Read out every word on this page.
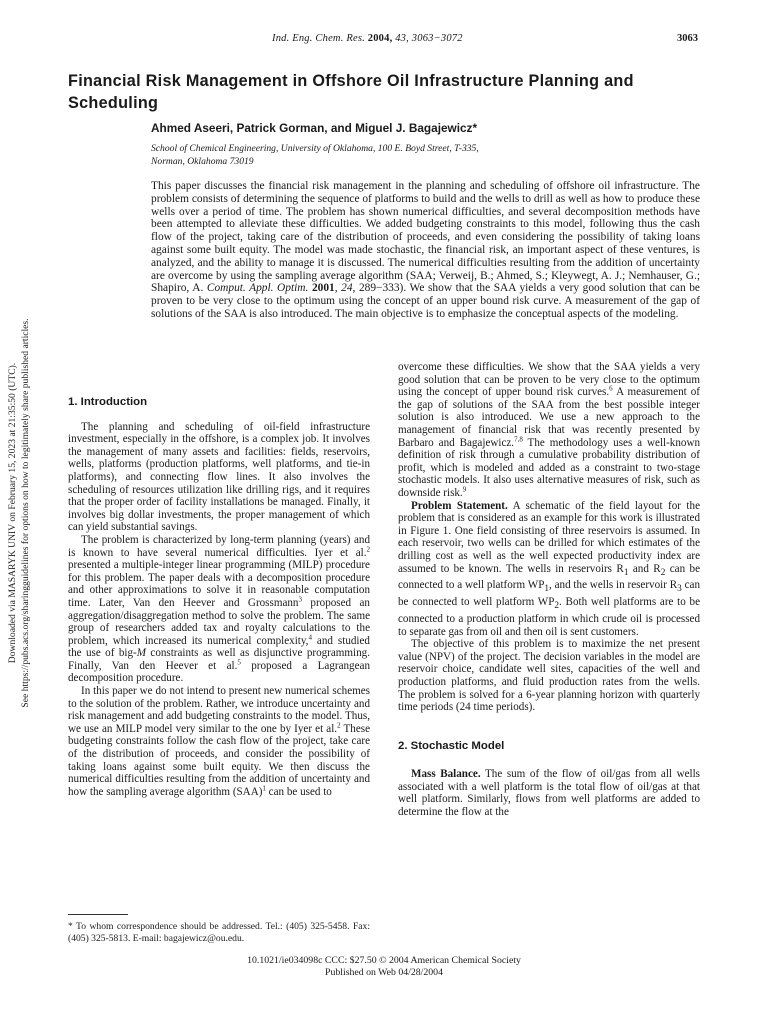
Ind. Eng. Chem. Res. 2004, 43, 3063−3072	3063
Financial Risk Management in Offshore Oil Infrastructure Planning and Scheduling
Ahmed Aseeri, Patrick Gorman, and Miguel J. Bagajewicz*
School of Chemical Engineering, University of Oklahoma, 100 E. Boyd Street, T-335,
Norman, Oklahoma 73019

This paper discusses the financial risk management in the planning and scheduling of offshore oil infrastructure. The problem consists of determining the sequence of platforms to build and the wells to drill as well as how to produce these wells over a period of time. The problem has shown numerical difficulties, and several decomposition methods have been attempted to alleviate these difficulties. We added budgeting constraints to this model, following thus the cash flow of the project, taking care of the distribution of proceeds, and even considering the possibility of taking loans against some built equity. The model was made stochastic, the financial risk, an important aspect of these ventures, is analyzed, and the ability to manage it is discussed. The numerical difficulties resulting from the addition of uncertainty are overcome by using the sampling average algorithm (SAA; Verweij, B.; Ahmed, S.; Kleywegt, A. J.; Nemhauser, G.; Shapiro, A. Comput. Appl. Optim. 2001, 24, 289−333). We show that the SAA yields a very good solution that can be proven to be very close to the optimum using the concept of an upper bound risk curve. A measurement of the gap of solutions of the SAA is also introduced. The main objective is to emphasize the conceptual aspects of the modeling.

Downloaded via MASARYK UNIV on February 15, 2023 at 21:35:50 (UTC). See https://pubs.acs.org/sharingguidelines for options on how to legitimately share published articles.	1. Introduction

The planning and scheduling of oil-field infrastructure investment, especially in the offshore, is a complex job. It involves the management of many assets and facilities: fields, reservoirs, wells, platforms (production platforms, well platforms, and tie-in platforms), and connecting flow lines. It also involves the scheduling of resources utilization like drilling rigs, and it requires that the proper order of facility installations be managed. Finally, it involves big dollar investments, the proper management of which can yield substantial savings.

The problem is characterized by long-term planning (years) and is known to have several numerical difficulties. Iyer et al.$^2$ presented a multiple-integer linear programming (MILP) procedure for this problem. The paper deals with a decomposition procedure and other approximations to solve it in reasonable computation time. Later, Van den Heever and Grossmann$^3$ proposed an aggregation/disaggregation method to solve the problem. The same group of researchers added tax and royalty calculations to the problem, which increased its numerical complexity,$^4$ and studied the use of big-M constraints as well as disjunctive programming. Finally, Van den Heever et al.$^5$ proposed a Lagrangean decomposition procedure.

In this paper we do not intend to present new numerical schemes to the solution of the problem. Rather, we introduce uncertainty and risk management and add budgeting constraints to the model. Thus, we use an MILP model very similar to the one by Iyer et al.$^2$ These budgeting constraints follow the cash flow of the project, take care of the distribution of proceeds, and consider the possibility of taking loans against some built equity. We then discuss the numerical difficulties resulting from the addition of uncertainty and how the sampling average algorithm (SAA)$^1$ can be used to

overcome these difficulties. We show that the SAA yields a very good solution that can be proven to be very close to the optimum using the concept of upper bound risk curves.$^6$ A measurement of the gap of solutions of the SAA from the best possible integer solution is also introduced. We use a new approach to the management of financial risk that was recently presented by Barbaro and Bagajewicz.$^{7,8}$ The methodology uses a well-known definition of risk through a cumulative probability distribution of profit, which is modeled and added as a constraint to two-stage stochastic models. It also uses alternative measures of risk, such as downside risk.$^9$

Problem Statement. A schematic of the field layout for the problem that is considered as an example for this work is illustrated in Figure 1. One field consisting of three reservoirs is assumed. In each reservoir, two wells can be drilled for which estimates of the drilling cost as well as the well expected productivity index are assumed to be known. The wells in reservoirs $R_1$ and $R_2$ can be connected to a well platform $WP_1$, and the wells in reservoir $R_3$ can be connected to well platform $WP_2$. Both well platforms are to be connected to a production platform in which crude oil is processed to separate gas from oil and then oil is sent customers.

The objective of this problem is to maximize the net present value (NPV) of the project. The decision variables in the model are reservoir choice, candidate well sites, capacities of the well and production platforms, and fluid production rates from the wells. The problem is solved for a 6-year planning horizon with quarterly time periods (24 time periods).

2. Stochastic Model

Mass Balance. The sum of the flow of oil/gas from all wells associated with a well platform is the total flow of oil/gas at that well platform. Similarly, flows from well platforms are added to determine the flow at the

* To whom correspondence should be addressed. Tel.: (405) 325-5458. Fax: (405) 325-5813. E-mail: bagajewicz@ou.edu.
10.1021/ie034098c CCC: $27.50 © 2004 American Chemical Society
Published on Web 04/28/2004
